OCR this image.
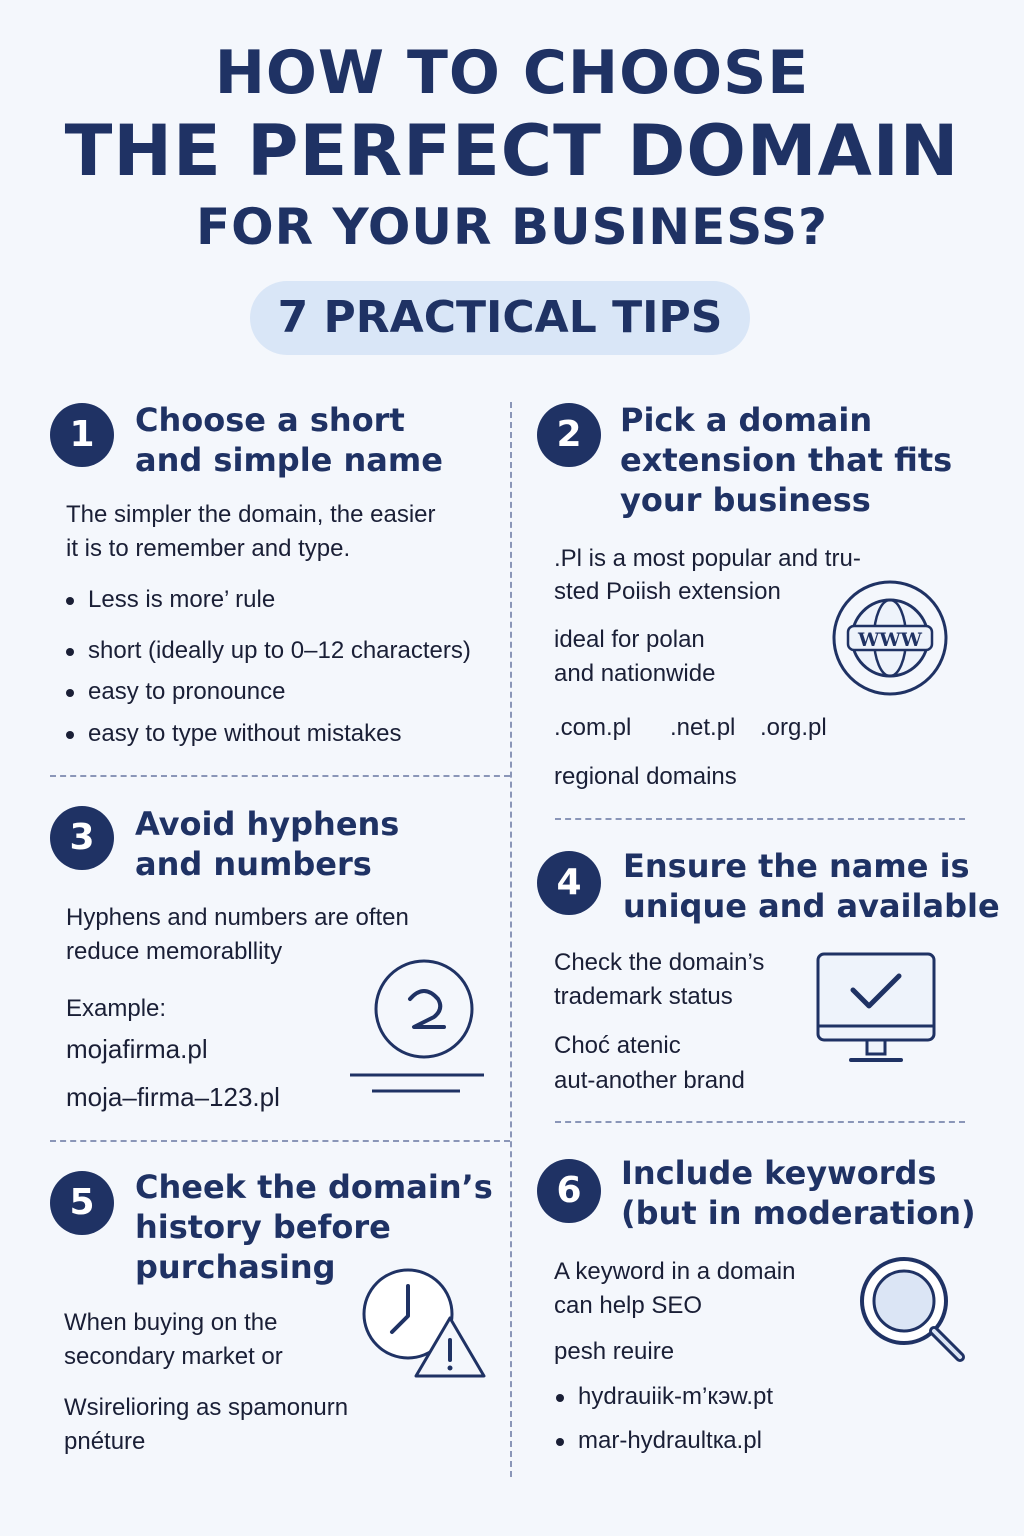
HOW TO CHOOSE
THE PERFECT DOMAIN
FOR YOUR BUSINESS?
7 PRACTICAL TIPS
1	Choose a short
and simple name
The simpler the domain, the easier
it is to remember and type.
Less is more’ rule
short (ideally up to 0–12 characters)
easy to pronounce
easy to type without mistakes
2	Pick a domain
extension that fits
your business
.Pl is a most popular and tru-
sted Poiish extension
ideal for polan
and nationwide
.com.pl .net.pl .org.pl
regional domains
WWW
3	Avoid hyphens
and numbers
Hyphens and numbers are often
reduce memorabllity
Example:
mojafirma.pl
moja–firma–123.pl
4	Ensure the name is
unique and available
Check the domain’s
trademark status
Choć atenic
aut-another brand
5	Cheek the domain’s
history before
purchasing
When buying on the
secondary market or
Wsirelioring as spamonurn
pnéture
6	Include keywords
(but in moderation)
A keyword in a domain
can help SEO
pesh reuire
hydrauiik-m’кэw.pt
mar-hydraultкa.pl
